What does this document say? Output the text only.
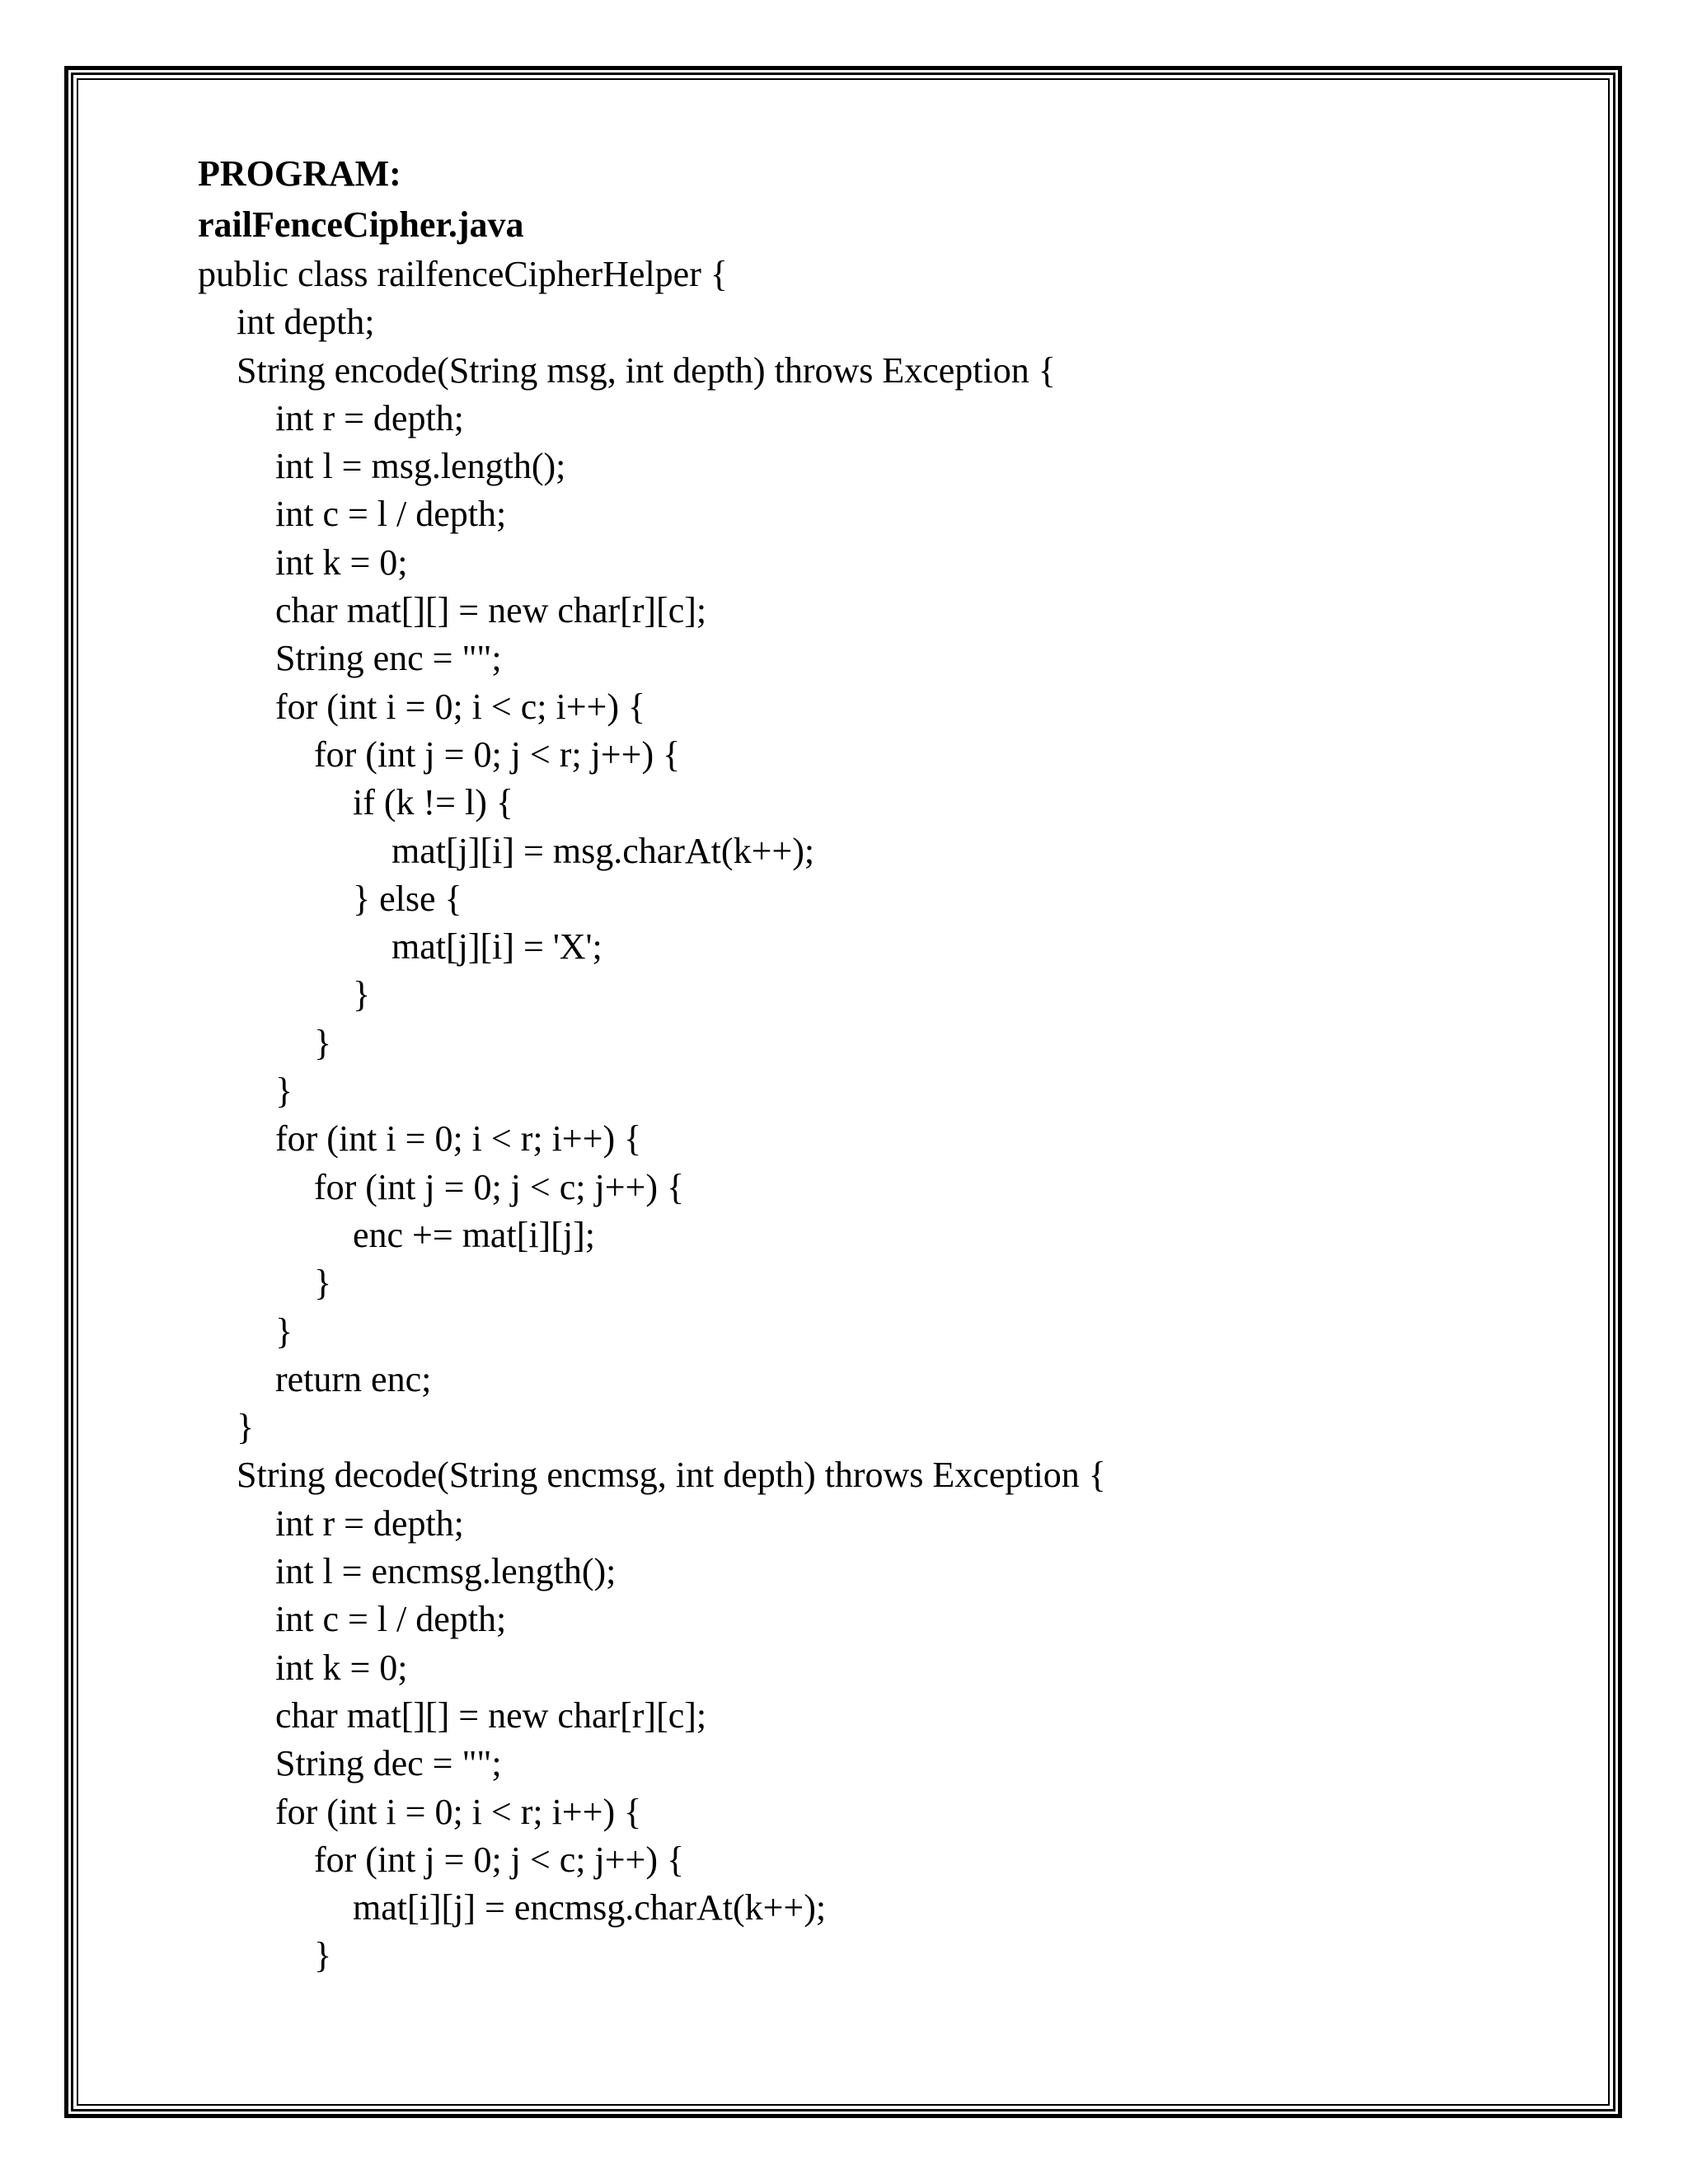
PROGRAM:
railFenceCipher.java
public class railfenceCipherHelper {
int depth;
String encode(String msg, int depth) throws Exception {
int r = depth;
int l = msg.length();
int c = l / depth;
int k = 0;
char mat[][] = new char[r][c];
String enc = "";
for (int i = 0; i < c; i++) {
for (int j = 0; j < r; j++) {
if (k != l) {
mat[j][i] = msg.charAt(k++);
} else {
mat[j][i] = 'X';
}
}
}
for (int i = 0; i < r; i++) {
for (int j = 0; j < c; j++) {
enc += mat[i][j];
}
}
return enc;
}
String decode(String encmsg, int depth) throws Exception {
int r = depth;
int l = encmsg.length();
int c = l / depth;
int k = 0;
char mat[][] = new char[r][c];
String dec = "";
for (int i = 0; i < r; i++) {
for (int j = 0; j < c; j++) {
mat[i][j] = encmsg.charAt(k++);
}
